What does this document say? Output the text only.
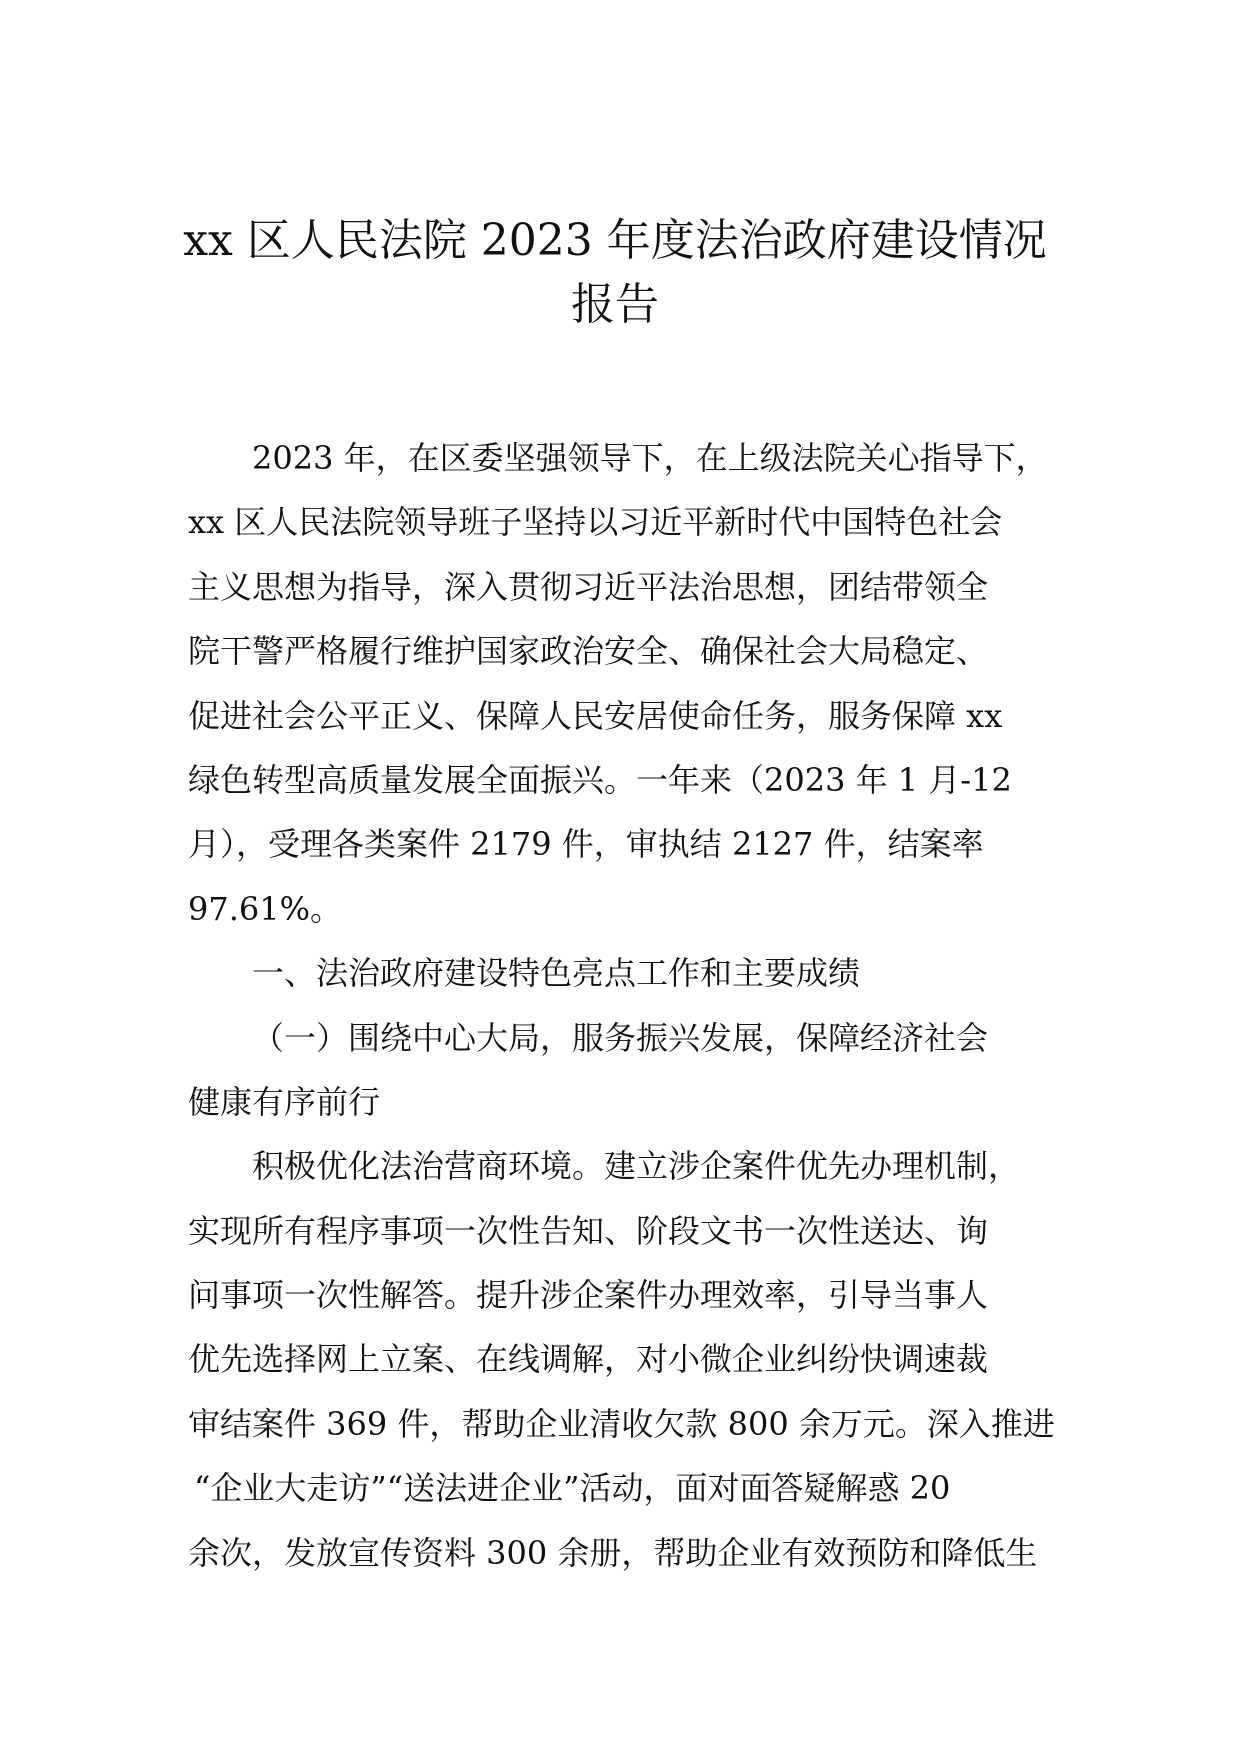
xx 区人民法院 2023 年度法治政府建设情况
报告
2023 年，在区委坚强领导下，在上级法院关心指导下，
xx 区人民法院领导班子坚持以习近平新时代中国特色社会
主义思想为指导，深入贯彻习近平法治思想，团结带领全
院干警严格履行维护国家政治安全、确保社会大局稳定、
促进社会公平正义、保障人民安居使命任务，服务保障 xx
绿色转型高质量发展全面振兴。一年来（2023 年 1 月-12
月），受理各类案件 2179 件，审执结 2127 件，结案率
97.61%。
一、法治政府建设特色亮点工作和主要成绩
（一）围绕中心大局，服务振兴发展，保障经济社会
健康有序前行
积极优化法治营商环境。建立涉企案件优先办理机制，
实现所有程序事项一次性告知、阶段文书一次性送达、询
问事项一次性解答。提升涉企案件办理效率，引导当事人
优先选择网上立案、在线调解，对小微企业纠纷快调速裁
审结案件 369 件，帮助企业清收欠款 800 余万元。深入推进
“企业大走访”“送法进企业”活动，面对面答疑解惑 20
余次，发放宣传资料 300 余册，帮助企业有效预防和降低生
